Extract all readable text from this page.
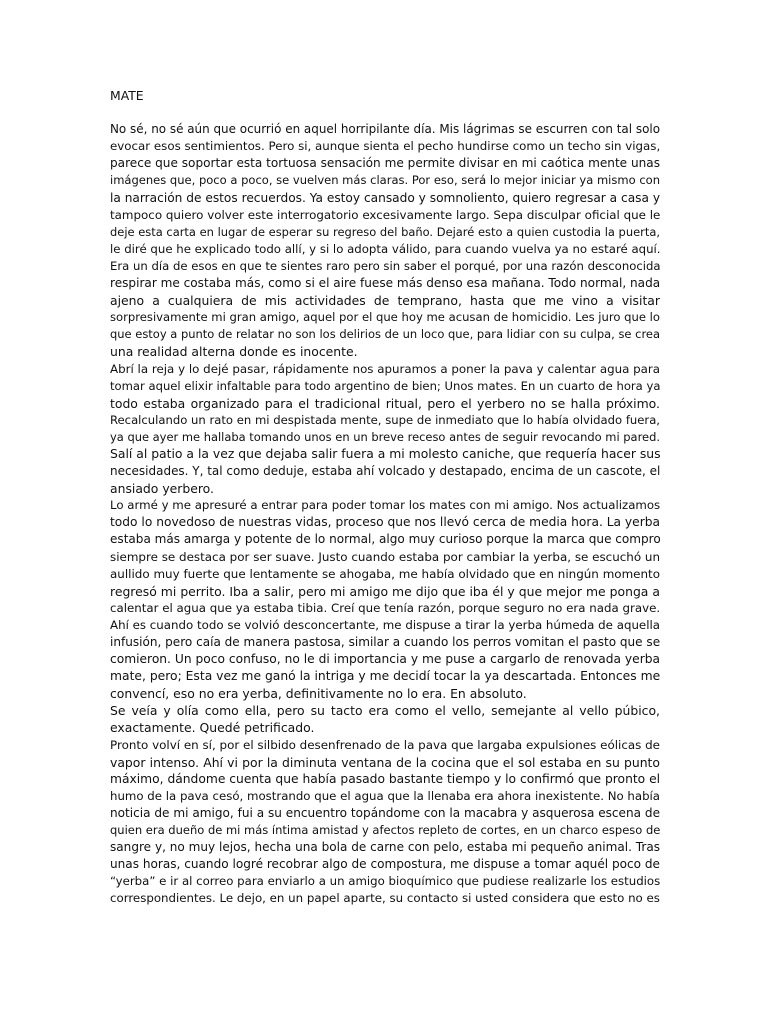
MATE
No sé, no sé aún que ocurrió en aquel horripilante día. Mis lágrimas se escurren con tal solo
evocar esos sentimientos. Pero si, aunque sienta el pecho hundirse como un techo sin vigas,
parece que soportar esta tortuosa sensación me permite divisar en mi caótica mente unas
imágenes que, poco a poco, se vuelven más claras. Por eso, será lo mejor iniciar ya mismo con
la narración de estos recuerdos. Ya estoy cansado y somnoliento, quiero regresar a casa y
tampoco quiero volver este interrogatorio excesivamente largo. Sepa disculpar oficial que le
deje esta carta en lugar de esperar su regreso del baño. Dejaré esto a quien custodia la puerta,
le diré que he explicado todo allí, y si lo adopta válido, para cuando vuelva ya no estaré aquí.
Era un día de esos en que te sientes raro pero sin saber el porqué, por una razón desconocida
respirar me costaba más, como si el aire fuese más denso esa mañana. Todo normal, nada
ajeno a cualquiera de mis actividades de temprano, hasta que me vino a visitar
sorpresivamente mi gran amigo, aquel por el que hoy me acusan de homicidio. Les juro que lo
que estoy a punto de relatar no son los delirios de un loco que, para lidiar con su culpa, se crea
una realidad alterna donde es inocente.
Abrí la reja y lo dejé pasar, rápidamente nos apuramos a poner la pava y calentar agua para
tomar aquel elixir infaltable para todo argentino de bien; Unos mates. En un cuarto de hora ya
todo estaba organizado para el tradicional ritual, pero el yerbero no se halla próximo.
Recalculando un rato en mi despistada mente, supe de inmediato que lo había olvidado fuera,
ya que ayer me hallaba tomando unos en un breve receso antes de seguir revocando mi pared.
Salí al patio a la vez que dejaba salir fuera a mi molesto caniche, que requería hacer sus
necesidades. Y, tal como deduje, estaba ahí volcado y destapado, encima de un cascote, el
ansiado yerbero.
Lo armé y me apresuré a entrar para poder tomar los mates con mi amigo. Nos actualizamos
todo lo novedoso de nuestras vidas, proceso que nos llevó cerca de media hora. La yerba
estaba más amarga y potente de lo normal, algo muy curioso porque la marca que compro
siempre se destaca por ser suave. Justo cuando estaba por cambiar la yerba, se escuchó un
aullido muy fuerte que lentamente se ahogaba, me había olvidado que en ningún momento
regresó mi perrito. Iba a salir, pero mi amigo me dijo que iba él y que mejor me ponga a
calentar el agua que ya estaba tibia. Creí que tenía razón, porque seguro no era nada grave.
Ahí es cuando todo se volvió desconcertante, me dispuse a tirar la yerba húmeda de aquella
infusión, pero caía de manera pastosa, similar a cuando los perros vomitan el pasto que se
comieron. Un poco confuso, no le di importancia y me puse a cargarlo de renovada yerba
mate, pero; Esta vez me ganó la intriga y me decidí tocar la ya descartada. Entonces me
convencí, eso no era yerba, definitivamente no lo era. En absoluto.
Se veía y olía como ella, pero su tacto era como el vello, semejante al vello púbico,
exactamente. Quedé petrificado.
Pronto volví en sí, por el silbido desenfrenado de la pava que largaba expulsiones eólicas de
vapor intenso. Ahí vi por la diminuta ventana de la cocina que el sol estaba en su punto
máximo, dándome cuenta que había pasado bastante tiempo y lo confirmó que pronto el
humo de la pava cesó, mostrando que el agua que la llenaba era ahora inexistente. No había
noticia de mi amigo, fui a su encuentro topándome con la macabra y asquerosa escena de
quien era dueño de mi más íntima amistad y afectos repleto de cortes, en un charco espeso de
sangre y, no muy lejos, hecha una bola de carne con pelo, estaba mi pequeño animal. Tras
unas horas, cuando logré recobrar algo de compostura, me dispuse a tomar aquél poco de
“yerba” e ir al correo para enviarlo a un amigo bioquímico que pudiese realizarle los estudios
correspondientes. Le dejo, en un papel aparte, su contacto si usted considera que esto no es
